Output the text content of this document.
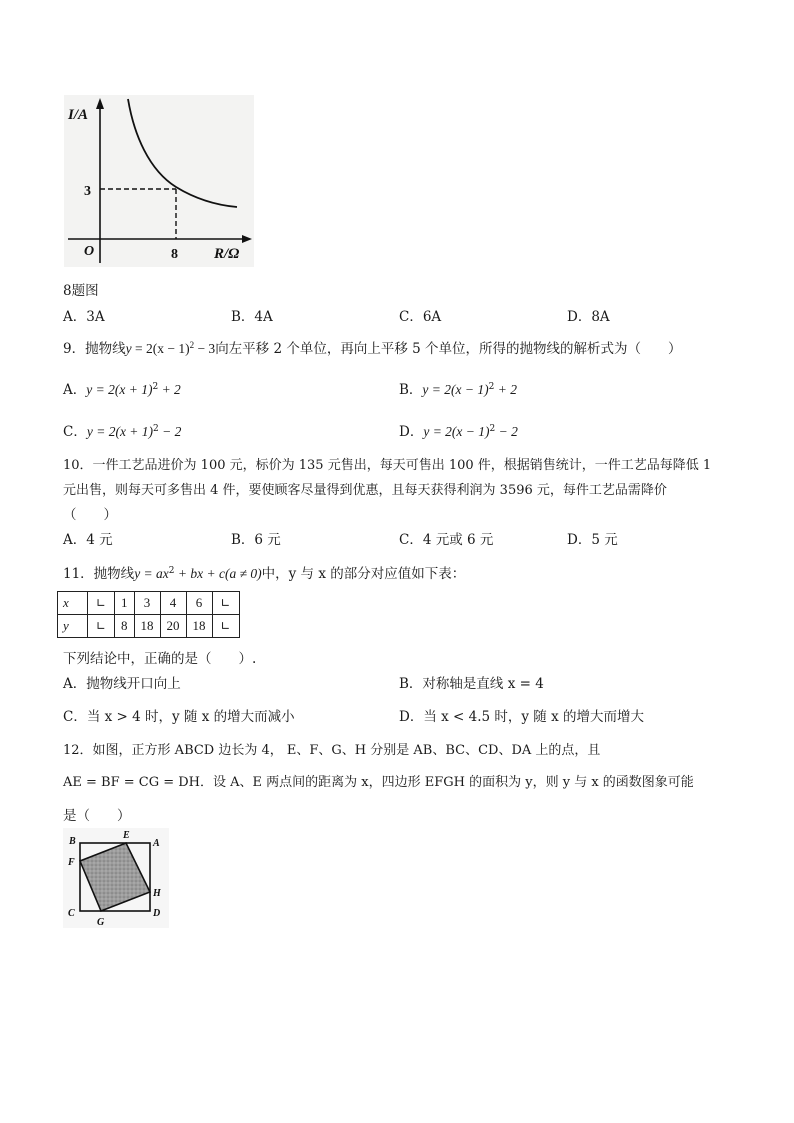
I/A
R/Ω
O	8
3
8题图
A．3A	B．4A	C．6A	D．8A
9．抛物线$y = 2(x - 1)^2 - 3$向左平移 2 个单位，再向上平移 5 个单位，所得的抛物线的解析式为（　　）
A．$y = 2(x + 1)^2 + 2$	B．$y = 2(x - 1)^2 + 2$
C．$y = 2(x + 1)^2 - 2$	D．$y = 2(x - 1)^2 - 2$
10．一件工艺品进价为 100 元，标价为 135 元售出，每天可售出 100 件，根据销售统计，一件工艺品每降低 1
元出售，则每天可多售出 4 件，要使顾客尽量得到优惠，且每天获得利润为 3596 元，每件工艺品需降价
（　　）
A．4 元	B．6 元	C．4 元或 6 元	D．5 元
11．抛物线$y = ax^2$ + bx + c(a ≠ 0)中，y 与 x 的部分对应值如下表：
x	∟	1	3	4	6	∟
y	∟	8	18	20	18	∟
下列结论中，正确的是（　　）.
A．抛物线开口向上	B．对称轴是直线 x = 4
C．当 x > 4 时，y 随 x 的增大而减小	D．当 x < 4.5 时，y 随 x 的增大而增大
12．如图，正方形 ABCD 边长为 4， E、F、G、H 分别是 AB、BC、CD、DA 上的点，且
AE = BF = CG = DH．设 A、E 两点间的距离为 x，四边形 EFGH 的面积为 y，则 y 与 x 的函数图象可能
是（　　）
B
E
A
F
H
C	D
G
